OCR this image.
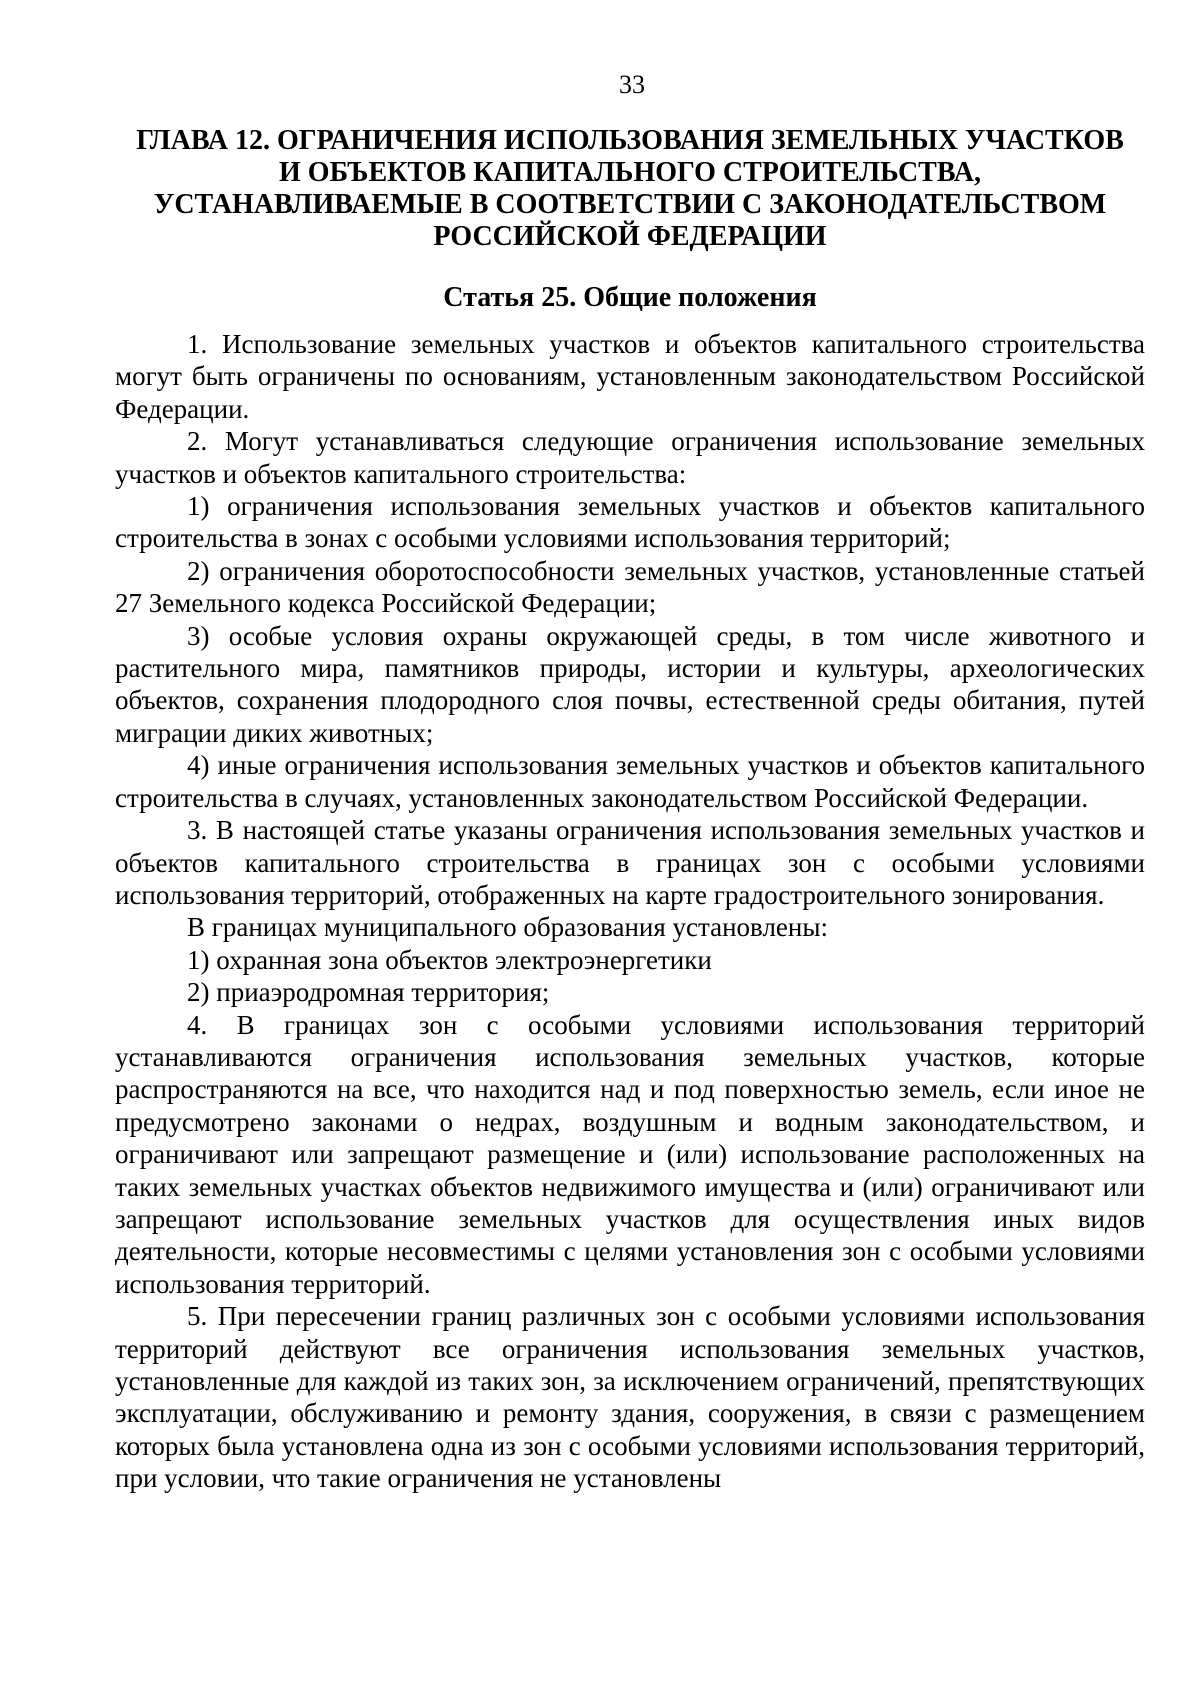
33
ГЛАВА 12. ОГРАНИЧЕНИЯ ИСПОЛЬЗОВАНИЯ ЗЕМЕЛЬНЫХ УЧАСТКОВ
И ОБЪЕКТОВ КАПИТАЛЬНОГО СТРОИТЕЛЬСТВА,
УСТАНАВЛИВАЕМЫЕ В СООТВЕТСТВИИ С ЗАКОНОДАТЕЛЬСТВОМ
РОССИЙСКОЙ ФЕДЕРАЦИИ
Статья 25. Общие положения

1. Использование земельных участков и объектов капитального строительства могут быть ограничены по основаниям, установленным законодательством Российской Федерации.

2. Могут устанавливаться следующие ограничения использование земельных участков и объектов капитального строительства:

1) ограничения использования земельных участков и объектов капитального строительства в зонах с особыми условиями использования территорий;

2) ограничения оборотоспособности земельных участков, установленные статьей 27 Земельного кодекса Российской Федерации;

3) особые условия охраны окружающей среды, в том числе животного и растительного мира, памятников природы, истории и культуры, археологических объектов, сохранения плодородного слоя почвы, естественной среды обитания, путей миграции диких животных;

4) иные ограничения использования земельных участков и объектов капитального строительства в случаях, установленных законодательством Российской Федерации.

3. В настоящей статье указаны ограничения использования земельных участков и объектов капитального строительства в границах зон с особыми условиями использования территорий, отображенных на карте градостроительного зонирования.

В границах муниципального образования установлены:

1) охранная зона объектов электроэнергетики

2) приаэродромная территория;

4. В границах зон с особыми условиями использования территорий устанавливаются ограничения использования земельных участков, которые распространяются на все, что находится над и под поверхностью земель, если иное не предусмотрено законами о недрах, воздушным и водным законодательством, и ограничивают или запрещают размещение и (или) использование расположенных на таких земельных участках объектов недвижимого имущества и (или) ограничивают или запрещают использование земельных участков для осуществления иных видов деятельности, которые несовместимы с целями установления зон с особыми условиями использования территорий.

5. При пересечении границ различных зон с особыми условиями использования территорий действуют все ограничения использования земельных участков, установленные для каждой из таких зон, за исключением ограничений, препятствующих эксплуатации, обслуживанию и ремонту здания, сооружения, в связи с размещением которых была установлена одна из зон с особыми условиями использования территорий, при условии, что такие ограничения не установлены
